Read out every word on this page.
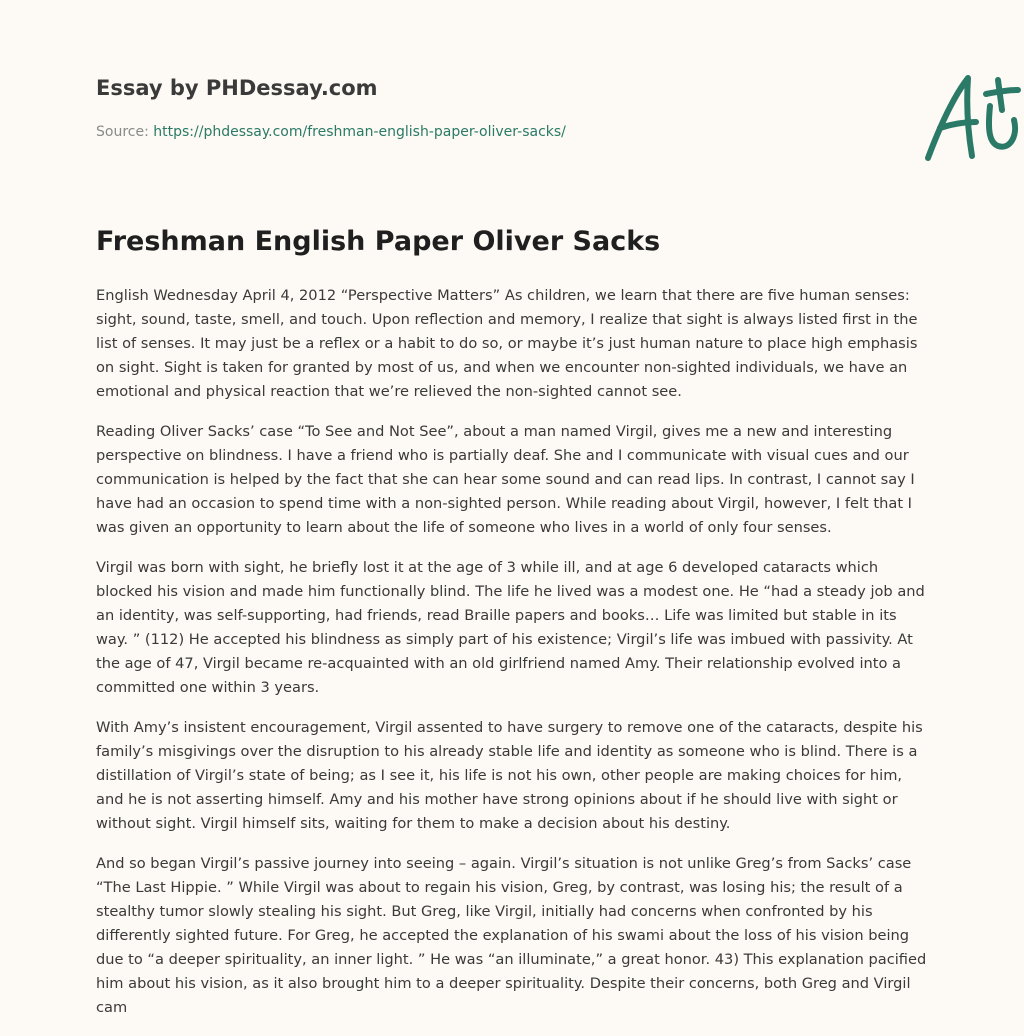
Essay by PHDessay.com
Source: https://phdessay.com/freshman-english-paper-oliver-sacks/
A+
Freshman English Paper Oliver Sacks

English Wednesday April 4, 2012 “Perspective Matters” As children, we learn that there are five human senses: sight, sound, taste, smell, and touch. Upon reflection and memory, I realize that sight is always listed first in the list of senses. It may just be a reflex or a habit to do so, or maybe it’s just human nature to place high emphasis on sight. Sight is taken for granted by most of us, and when we encounter non-sighted individuals, we have an emotional and physical reaction that we’re relieved the non-sighted cannot see.

Reading Oliver Sacks’ case “To See and Not See”, about a man named Virgil, gives me a new and interesting perspective on blindness. I have a friend who is partially deaf. She and I communicate with visual cues and our communication is helped by the fact that she can hear some sound and can read lips. In contrast, I cannot say I have had an occasion to spend time with a non-sighted person. While reading about Virgil, however, I felt that I was given an opportunity to learn about the life of someone who lives in a world of only four senses.

Virgil was born with sight, he briefly lost it at the age of 3 while ill, and at age 6 developed cataracts which blocked his vision and made him functionally blind. The life he lived was a modest one. He “had a steady job and an identity, was self-supporting, had friends, read Braille papers and books… Life was limited but stable in its way. ” (112) He accepted his blindness as simply part of his existence; Virgil’s life was imbued with passivity. At the age of 47, Virgil became re-acquainted with an old girlfriend named Amy. Their relationship evolved into a committed one within 3 years.

With Amy’s insistent encouragement, Virgil assented to have surgery to remove one of the cataracts, despite his family’s misgivings over the disruption to his already stable life and identity as someone who is blind. There is a distillation of Virgil’s state of being; as I see it, his life is not his own, other people are making choices for him, and he is not asserting himself. Amy and his mother have strong opinions about if he should live with sight or without sight. Virgil himself sits, waiting for them to make a decision about his destiny.

And so began Virgil’s passive journey into seeing – again. Virgil’s situation is not unlike Greg’s from Sacks’ case “The Last Hippie. ” While Virgil was about to regain his vision, Greg, by contrast, was losing his; the result of a stealthy tumor slowly stealing his sight. But Greg, like Virgil, initially had concerns when confronted by his differently sighted future. For Greg, he accepted the explanation of his swami about the loss of his vision being due to “a deeper spirituality, an inner light. ” He was “an illuminate,” a great honor. 43) This explanation pacified him about his vision, as it also brought him to a deeper spirituality. Despite their concerns, both Greg and Virgil cam
